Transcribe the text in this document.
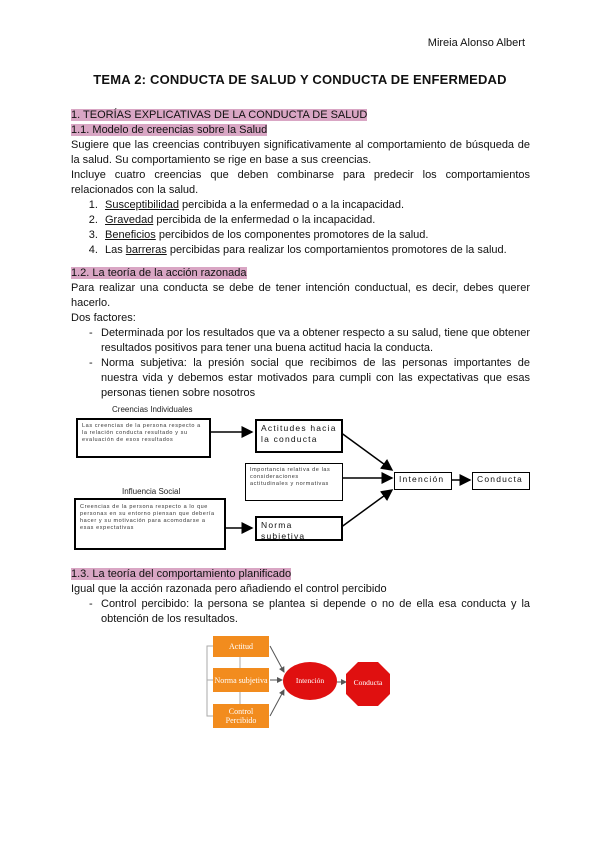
Mireia Alonso Albert
TEMA 2: CONDUCTA DE SALUD Y CONDUCTA DE ENFERMEDAD
1. TEORÍAS EXPLICATIVAS DE LA CONDUCTA DE SALUD
1.1. Modelo de creencias sobre la Salud
Sugiere que las creencias contribuyen significativamente al comportamiento de búsqueda de la salud. Su comportamiento se rige en base a sus creencias.
Incluye cuatro creencias que deben combinarse para predecir los comportamientos relacionados con la salud.
1. Susceptibilidad percibida a la enfermedad o a la incapacidad.
2. Gravedad percibida de la enfermedad o la incapacidad.
3. Beneficios percibidos de los componentes promotores de la salud.
4. Las barreras percibidas para realizar los comportamientos promotores de la salud.
1.2. La teoría de la acción razonada
Para realizar una conducta se debe de tener intención conductual, es decir, debes querer hacerlo.
Dos factores:
- Determinada por los resultados que va a obtener respecto a su salud, tiene que obtener resultados positivos para tener una buena actitud hacia la conducta.
- Norma subjetiva: la presión social que recibimos de las personas importantes de nuestra vida y debemos estar motivados para cumpli con las expectativas que esas personas tienen sobre nosotros
Creencias Individuales
Las creencias de la persona respecto a la relación conducta resultado y su evaluación de esos resultados
Actitudes hacia la conducta
Importancia relativa de las consideraciones actitudinales y normativas	Intención	Conducta
Influencia Social
Creencias de la persona respecto a lo que personas en su entorno piensan que debería hacer y su motivación para acomodarse a esas expectativas	Norma subjetiva
1.3. La teoría del comportamiento planificado
Igual que la acción razonada pero añadiendo el control percibido
- Control percibido: la persona se plantea si depende o no de ella esa conducta y la obtención de los resultados.
Actitud
Norma subjetiva
Control Percibido
Intención	Conducta
